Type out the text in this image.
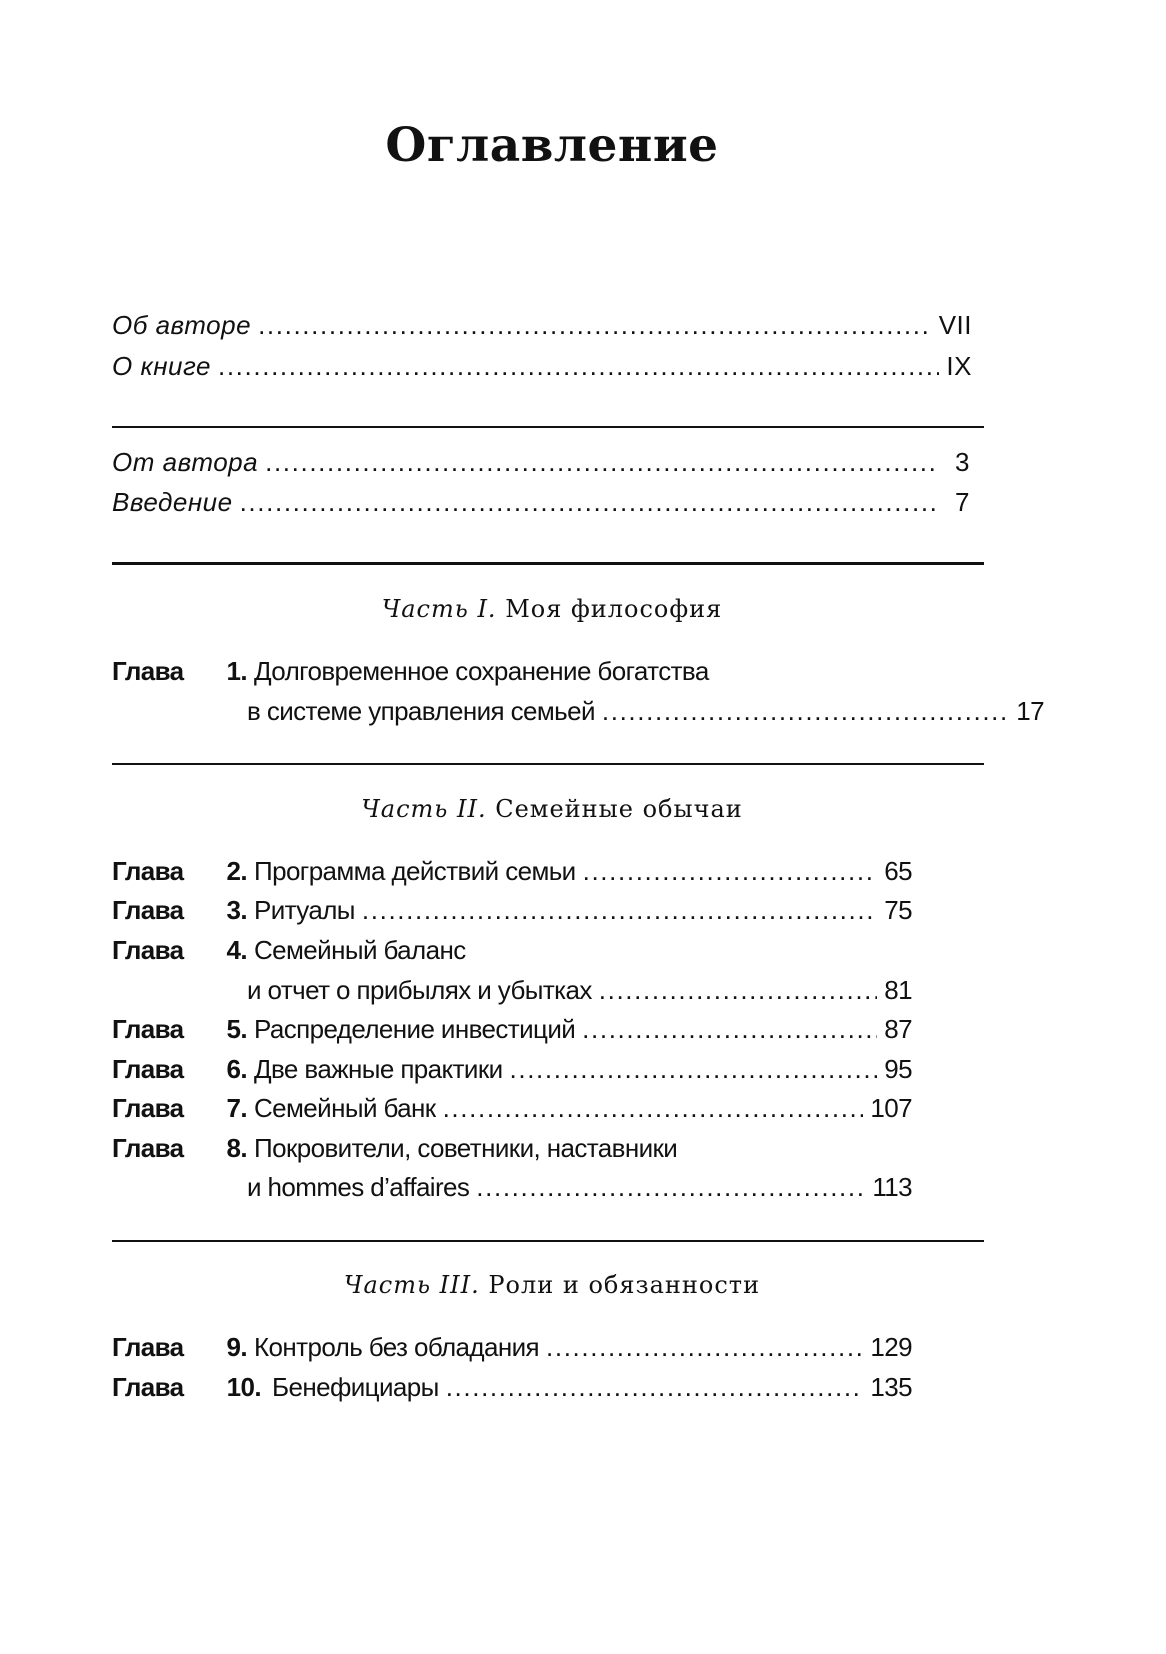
Оглавление
Об авторе . . .	VII
О книге . . .	IX
От автора . . .	3
Введение . . .	7
Часть I. Моя философия
Глава	1. Долговременное сохранение богатства
в системе управления семьей . . .	17
Часть II. Семейные обычаи
Глава	2. Программа действий семьи . . .	65
Глава	3. Ритуалы . . .	75
Глава	4. Семейный баланс
и отчет о прибылях и убытках . . .	81
Глава	5. Распределение инвестиций . . .	87
Глава	6. Две важные практики . . .	95
Глава	7. Семейный банк . . .	107
Глава	8. Покровители, советники, наставники
и hommes d’affaires . . .	113
Часть III. Роли и обязанности
Глава	9. Контроль без обладания . . .	129
Глава	10. Бенефициары . . .	135
